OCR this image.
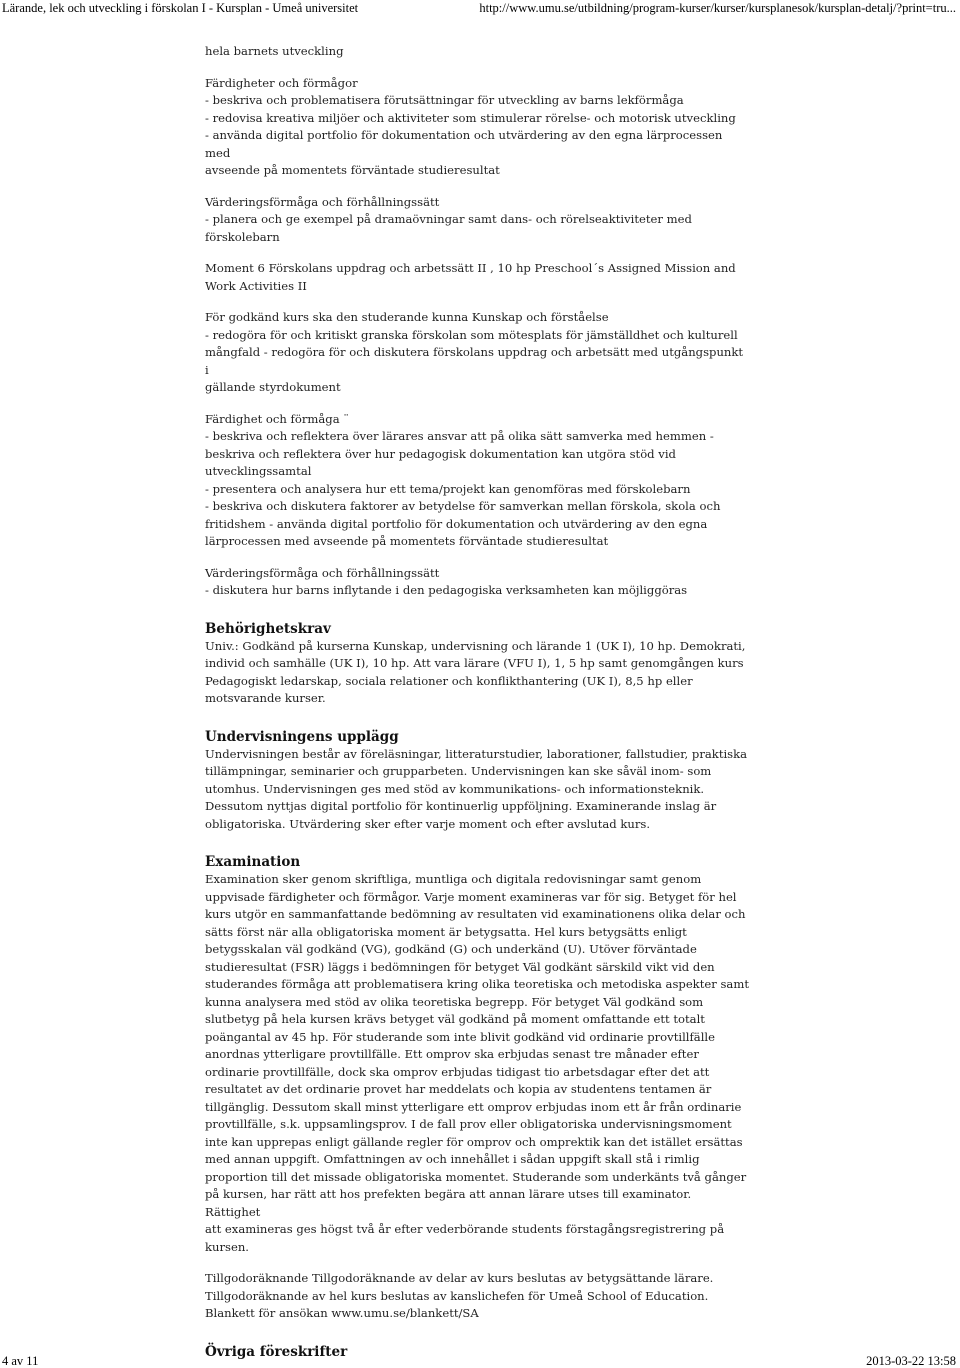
Lärande, lek och utveckling i förskolan I - Kursplan - Umeå universitet	http://www.umu.se/utbildning/program-kurser/kurser/kursplanesok/kursplan-detalj/?print=tru...

hela barnets utveckling

Färdigheter och förmågor
- beskriva och problematisera förutsättningar för utveckling av barns lekförmåga
- redovisa kreativa miljöer och aktiviteter som stimulerar rörelse- och motorisk utveckling
- använda digital portfolio för dokumentation och utvärdering av den egna lärprocessen med
avseende på momentets förväntade studieresultat

Värderingsförmåga och förhållningssätt
- planera och ge exempel på dramaövningar samt dans- och rörelseaktiviteter med
förskolebarn

Moment 6 Förskolans uppdrag och arbetssätt II , 10 hp Preschool´s Assigned Mission and
Work Activities II

För godkänd kurs ska den studerande kunna Kunskap och förståelse
- redogöra för och kritiskt granska förskolan som mötesplats för jämställdhet och kulturell
mångfald - redogöra för och diskutera förskolans uppdrag och arbetsätt med utgångspunkt i
gällande styrdokument

Färdighet och förmåga ¨
- beskriva och reflektera över lärares ansvar att på olika sätt samverka med hemmen -
beskriva och reflektera över hur pedagogisk dokumentation kan utgöra stöd vid
utvecklingssamtal
- presentera och analysera hur ett tema/projekt kan genomföras med förskolebarn
- beskriva och diskutera faktorer av betydelse för samverkan mellan förskola, skola och
fritidshem - använda digital portfolio för dokumentation och utvärdering av den egna
lärprocessen med avseende på momentets förväntade studieresultat

Värderingsförmåga och förhållningssätt
- diskutera hur barns inflytande i den pedagogiska verksamheten kan möjliggöras

Behörighetskrav

Univ.: Godkänd på kurserna Kunskap, undervisning och lärande 1 (UK I), 10 hp. Demokrati,
individ och samhälle (UK I), 10 hp. Att vara lärare (VFU I), 1, 5 hp samt genomgången kurs
Pedagogiskt ledarskap, sociala relationer och konflikthantering (UK I), 8,5 hp eller
motsvarande kurser.

Undervisningens upplägg

Undervisningen består av föreläsningar, litteraturstudier, laborationer, fallstudier, praktiska
tillämpningar, seminarier och grupparbeten. Undervisningen kan ske såväl inom- som
utomhus. Undervisningen ges med stöd av kommunikations- och informationsteknik.
Dessutom nyttjas digital portfolio för kontinuerlig uppföljning. Examinerande inslag är
obligatoriska. Utvärdering sker efter varje moment och efter avslutad kurs.

Examination

Examination sker genom skriftliga, muntliga och digitala redovisningar samt genom
uppvisade färdigheter och förmågor. Varje moment examineras var för sig. Betyget för hel
kurs utgör en sammanfattande bedömning av resultaten vid examinationens olika delar och
sätts först när alla obligatoriska moment är betygsatta. Hel kurs betygsätts enligt
betygsskalan väl godkänd (VG), godkänd (G) och underkänd (U). Utöver förväntade
studieresultat (FSR) läggs i bedömningen för betyget Väl godkänt särskild vikt vid den
studerandes förmåga att problematisera kring olika teoretiska och metodiska aspekter samt
kunna analysera med stöd av olika teoretiska begrepp. För betyget Väl godkänd som
slutbetyg på hela kursen krävs betyget väl godkänd på moment omfattande ett totalt
poängantal av 45 hp. För studerande som inte blivit godkänd vid ordinarie provtillfälle
anordnas ytterligare provtillfälle. Ett omprov ska erbjudas senast tre månader efter
ordinarie provtillfälle, dock ska omprov erbjudas tidigast tio arbetsdagar efter det att
resultatet av det ordinarie provet har meddelats och kopia av studentens tentamen är
tillgänglig. Dessutom skall minst ytterligare ett omprov erbjudas inom ett år från ordinarie
provtillfälle, s.k. uppsamlingsprov. I de fall prov eller obligatoriska undervisningsmoment
inte kan upprepas enligt gällande regler för omprov och omprektik kan det istället ersättas
med annan uppgift. Omfattningen av och innehållet i sådan uppgift skall stå i rimlig
proportion till det missade obligatoriska momentet. Studerande som underkänts två gånger
på kursen, har rätt att hos prefekten begära att annan lärare utses till examinator. Rättighet
att examineras ges högst två år efter vederbörande students förstagångsregistrering på
kursen.

Tillgodoräknande Tillgodoräknande av delar av kurs beslutas av betygsättande lärare.
Tillgodoräknande av hel kurs beslutas av kanslichefen för Umeå School of Education.
Blankett för ansökan www.umu.se/blankett/SA

Övriga föreskrifter

4 av 11	2013-03-22 13:58
